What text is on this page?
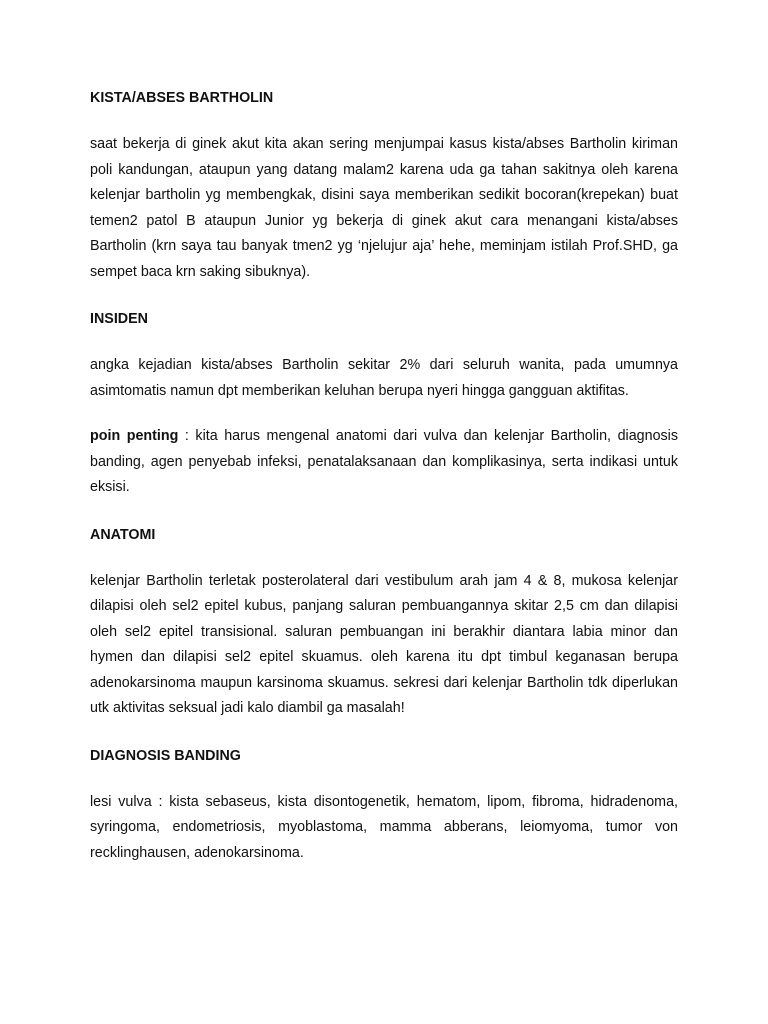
KISTA/ABSES BARTHOLIN

saat bekerja di ginek akut kita akan sering menjumpai kasus kista/abses Bartholin kiriman poli kandungan, ataupun yang datang malam2 karena uda ga tahan sakitnya oleh karena kelenjar bartholin yg membengkak, disini saya memberikan sedikit bocoran(krepekan) buat temen2 patol B ataupun Junior yg bekerja di ginek akut cara menangani kista/abses Bartholin (krn saya tau banyak tmen2 yg ‘njelujur aja’ hehe, meminjam istilah Prof.SHD, ga sempet baca krn saking sibuknya).

INSIDEN

angka kejadian kista/abses Bartholin sekitar 2% dari seluruh wanita, pada umumnya asimtomatis namun dpt memberikan keluhan berupa nyeri hingga gangguan aktifitas.

poin penting : kita harus mengenal anatomi dari vulva dan kelenjar Bartholin, diagnosis banding, agen penyebab infeksi, penatalaksanaan dan komplikasinya, serta indikasi untuk eksisi.

ANATOMI

kelenjar Bartholin terletak posterolateral dari vestibulum arah jam 4 & 8, mukosa kelenjar dilapisi oleh sel2 epitel kubus, panjang saluran pembuangannya skitar 2,5 cm dan dilapisi oleh sel2 epitel transisional. saluran pembuangan ini berakhir diantara labia minor dan hymen dan dilapisi sel2 epitel skuamus. oleh karena itu dpt timbul keganasan berupa adenokarsinoma maupun karsinoma skuamus. sekresi dari kelenjar Bartholin tdk diperlukan utk aktivitas seksual jadi kalo diambil ga masalah!

DIAGNOSIS BANDING

lesi vulva : kista sebaseus, kista disontogenetik, hematom, lipom, fibroma, hidradenoma, syringoma, endometriosis, myoblastoma, mamma abberans, leiomyoma, tumor von recklinghausen, adenokarsinoma.
